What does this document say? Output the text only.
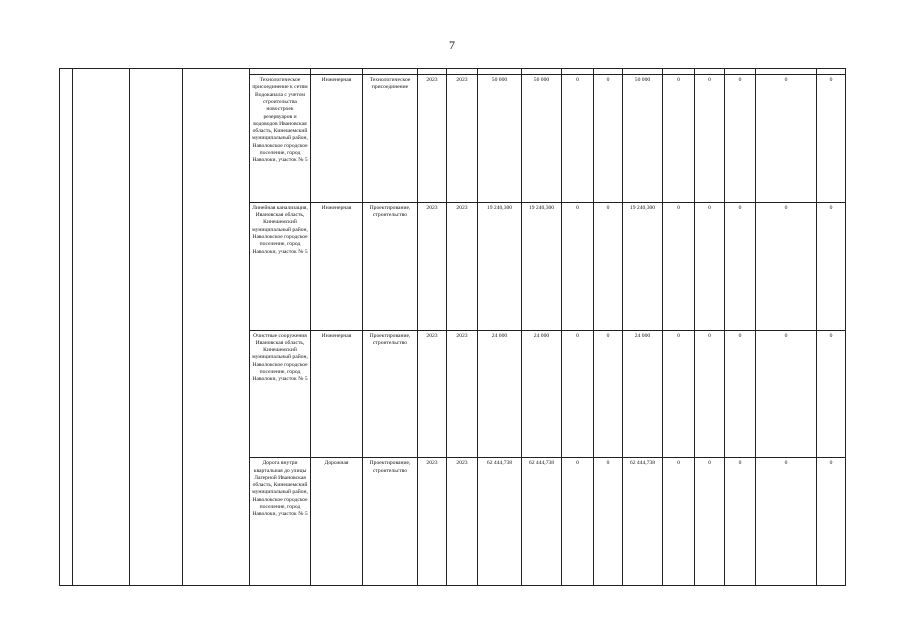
7

				Технологическое присоединение к сетям Водоканала с учетом строительства новостроек резервуаров и водоводов Ивановская область, Кинешемский муниципальный район, Наволокское городское поселение, город Наволоки, участок № 5	Инженерная	Технологическое присоединение	2023	2023	50 000	50 000	0	0	50 000	0	0	0	0	0

				Линейная канализация, Ивановская область, Кинешемский муниципальный район, Наволокское городское поселение, город Наволоки, участок № 5	Инженерная	Проектирование, строительство	2023	2023	19 240,300	19 240,300	0	0	19 240,300	0	0	0	0	0

				Очистные сооружения Ивановская область, Кинешемский муниципальный район, Наволокское городское поселение, город Наволоки, участок № 5	Инженерная	Проектирование, строительство	2023	2023	24 000	24 000	0	0	24 000	0	0	0	0	0

				Дорога внутри квартальная до улицы Лагерной Ивановская область, Кинешемский муниципальный район, Наволокское городское поселение, город Наволоки, участок № 5	Дорожная	Проектирование, строительство	2023	2023	62 444,738	62 444,738	0	0	62 444,738	0	0	0	0	0
